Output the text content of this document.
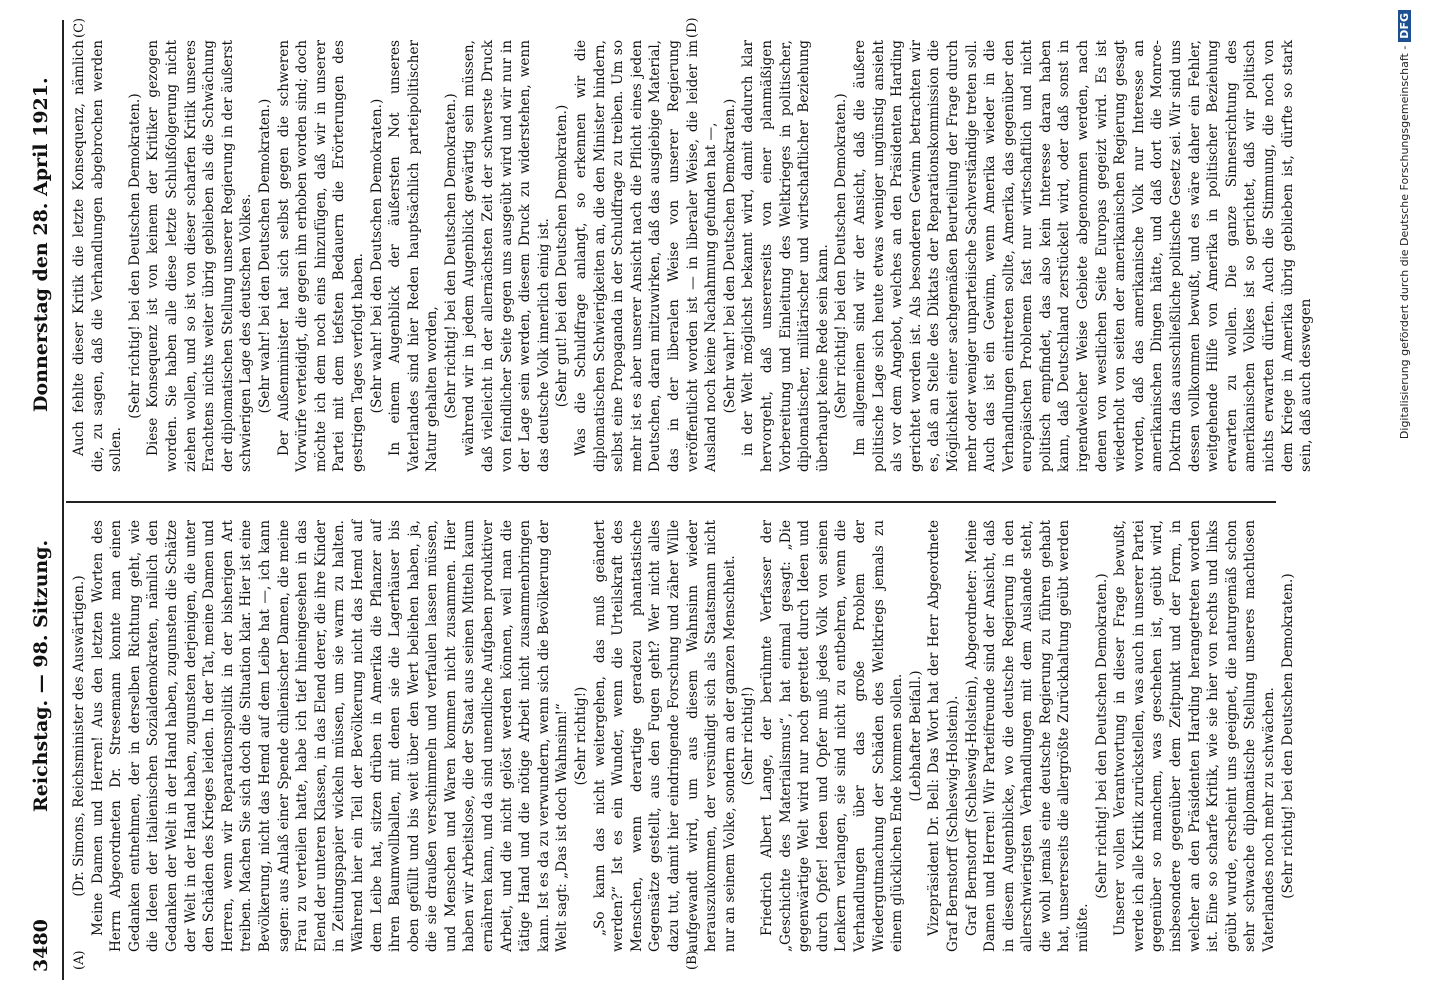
3480
Reichstag. — 98. Sitzung.
Donnerstag den 28. April 1921.
(A)	(B)
(C)	(D)

(Dr. Simons, Reichsminister des Auswärtigen.) Meine Damen und Herren! Aus den letzten Worten des Herrn Abgeordneten Dr. Stresemann konnte man einen Gedanken entnehmen, der in derselben Richtung geht, wie die Ideen der italienischen Sozialdemokraten, nämlich den Gedanken der Welt in der Hand haben, zugunsten die Schätze der Welt in der Hand haben, zugunsten derjenigen, die unter den Schäden des Krieges leiden. In der Tat, meine Damen und Herren, wenn wir Reparationspolitik in der bisherigen Art treiben. Machen Sie sich doch die Situation klar. Hier ist eine Bevölkerung, nicht das Hemd auf dem Leibe hat —, ich kann sagen: aus Anlaß einer Spende chilenischer Damen, die meine Frau zu verteilen hatte, habe ich tief hineingesehen in das Elend der unteren Klassen, in das Elend derer, die ihre Kinder in Zeitungspapier wickeln müssen, um sie warm zu halten. Während hier ein Teil der Bevölkerung nicht das Hemd auf dem Leibe hat, sitzen drüben in Amerika die Pflanzer auf ihren Baumwollballen, mit denen sie die Lagerhäuser bis oben gefüllt und bis weit über den Wert beliehen haben, ja, die sie draußen verschimmeln und verfaulen lassen müssen, und Menschen und Waren kommen nicht zusammen. Hier haben wir Arbeitslose, die der Staat aus seinen Mitteln kaum ernähren kann, und da sind unendliche Aufgaben produktiver Arbeit, und die nicht gelöst werden können, weil man die tätige Hand und die nötige Arbeit nicht zusammenbringen kann. Ist es da zu verwundern, wenn sich die Bevölkerung der Welt sagt: „Das ist doch Wahnsinn!“ (Sehr richtig!) „So kann das nicht weitergehen, das muß geändert werden?“ Ist es ein Wunder, wenn die Urteilskraft des Menschen, wenn derartige geradezu phantastische Gegensätze gestellt, aus den Fugen geht? Wer nicht alles dazu tut, damit hier eindringende Forschung und zäher Wille aufgewandt wird, um aus diesem Wahnsinn wieder herauszukommen, der versündigt sich als Staatsmann nicht nur an seinem Volke, sondern an der ganzen Menschheit. (Sehr richtig!) Friedrich Albert Lange, der berühmte Verfasser der „Geschichte des Materialismus“, hat einmal gesagt: „Die gegenwärtige Welt wird nur noch gerettet durch Ideen und durch Opfer! Ideen und Opfer muß jedes Volk von seinen Lenkern verlangen, sie sind nicht zu entbehren, wenn die Verhandlungen über das große Problem der Wiedergutmachung der Schäden des Weltkriegs jemals zu einem glücklichen Ende kommen sollen. (Lebhafter Beifall.) Vizepräsident Dr. Bell: Das Wort hat der Herr Abgeordnete Graf Bernstorff (Schleswig-Holstein). Graf Bernstorff (Schleswig-Holstein), Abgeordneter: Meine Damen und Herren! Wir Parteifreunde sind der Ansicht, daß in diesem Augenblicke, wo die deutsche Regierung in den allerschwierigsten Verhandlungen mit dem Auslande steht, die wohl jemals eine deutsche Regierung zu führen gehabt hat, unsererseits die allergrößte Zurückhaltung geübt werden müßte.

(Sehr richtig! bei den Deutschen Demokraten.) Unserer vollen Verantwortung in dieser Frage bewußt, werde ich alle Kritik zurückstellen, was auch in unserer Partei gegenüber so manchem, was geschehen ist, geübt wird, insbesondere gegenüber dem Zeitpunkt und der Form, in welcher an den Präsidenten Harding herangetreten worden ist. Eine so scharfe Kritik, wie sie hier von rechts und links geübt wurde, erscheint uns geeignet, die naturgemäß schon sehr schwache diplomatische Stellung unseres machtlosen Vaterlandes noch mehr zu schwächen. (Sehr richtig! bei den Deutschen Demokraten.)

Auch fehlte dieser Kritik die letzte Konsequenz, nämlich die, zu sagen, daß die Verhandlungen abgebrochen werden sollen.

(Sehr richtig! bei den Deutschen Demokraten.) Diese Konsequenz ist von keinem der Kritiker gezogen worden. Sie haben alle diese letzte Schlußfolgerung nicht ziehen wollen, und so ist von dieser scharfen Kritik unseres Erachtens nichts weiter übrig geblieben als die Schwächung der diplomatischen Stellung unserer Regierung in der äußerst schwierigen Lage des deutschen Volkes. (Sehr wahr! bei den Deutschen Demokraten.) Der Außenminister hat sich selbst gegen die schweren Vorwürfe verteidigt, die gegen ihn erhoben worden sind; doch möchte ich dem noch eins hinzufügen, daß wir in unserer Partei mit dem tiefsten Bedauern die Erörterungen des gestrigen Tages verfolgt haben. (Sehr wahr! bei den Deutschen Demokraten.) In einem Augenblick der äußersten Not unseres Vaterlandes sind hier Reden hauptsächlich parteipolitischer Natur gehalten worden, (Sehr richtig! bei den Deutschen Demokraten.) während wir in jedem Augenblick gewärtig sein müssen, daß vielleicht in der allernächsten Zeit der schwerste Druck von feindlicher Seite gegen uns ausgeübt wird und wir nur in der Lage sein werden, diesem Druck zu widerstehen, wenn das deutsche Volk innerlich einig ist. (Sehr gut! bei den Deutschen Demokraten.) Was die Schuldfrage anlangt, so erkennen wir die diplomatischen Schwierigkeiten an, die den Minister hindern, selbst eine Propaganda in der Schuldfrage zu treiben. Um so mehr ist es aber unserer Ansicht nach die Pflicht eines jeden Deutschen, daran mitzuwirken, daß das ausgiebige Material, das in der liberalen Weise von unserer Regierung veröffentlicht worden ist — in liberaler Weise, die leider im Ausland noch keine Nachahmung gefunden hat —, (Sehr wahr! bei den Deutschen Demokraten.) in der Welt möglichst bekannt wird, damit dadurch klar hervorgeht, daß unsererseits von einer planmäßigen Vorbereitung und Einleitung des Weltkrieges in politischer, diplomatischer, militärischer und wirtschaftlicher Beziehung überhaupt keine Rede sein kann. (Sehr richtig! bei den Deutschen Demokraten.) Im allgemeinen sind wir der Ansicht, daß die äußere politische Lage sich heute etwas weniger ungünstig ansieht als vor dem Angebot, welches an den Präsidenten Harding gerichtet worden ist. Als besonderen Gewinn betrachten wir es, daß an Stelle des Diktats der Reparationskommission die Möglichkeit einer sachgemäßen Beurteilung der Frage durch mehr oder weniger unparteiische Sachverständige treten soll. Auch das ist ein Gewinn, wenn Amerika wieder in die Verhandlungen eintreten sollte, Amerika, das gegenüber den europäischen Problemen fast nur wirtschaftlich und nicht politisch empfindet, das also kein Interesse daran haben kann, daß Deutschland zerstückelt wird, oder daß sonst in irgendwelcher Weise Gebiete abgenommen werden, nach denen von westlichen Seite Europas gegeizt wird. Es ist wiederholt von seiten der amerikanischen Regierung gesagt worden, daß das amerikanische Volk nur Interesse an amerikanischen Dingen hätte, und daß dort die Monroe-Doktrin das ausschließliche politische Gesetz sei. Wir sind uns dessen vollkommen bewußt, und es wäre daher ein Fehler, weitgehende Hilfe von Amerika in politischer Beziehung erwarten zu wollen. Die ganze Sinnesrichtung des amerikanischen Volkes ist so gerichtet, daß wir politisch nichts erwarten dürfen. Auch die Stimmung, die noch von dem Kriege in Amerika übrig geblieben ist, dürfte so stark sein, daß auch deswegen	Digitalisierung gefördert durch die Deutsche Forschungsgemeinschaft -DFG
